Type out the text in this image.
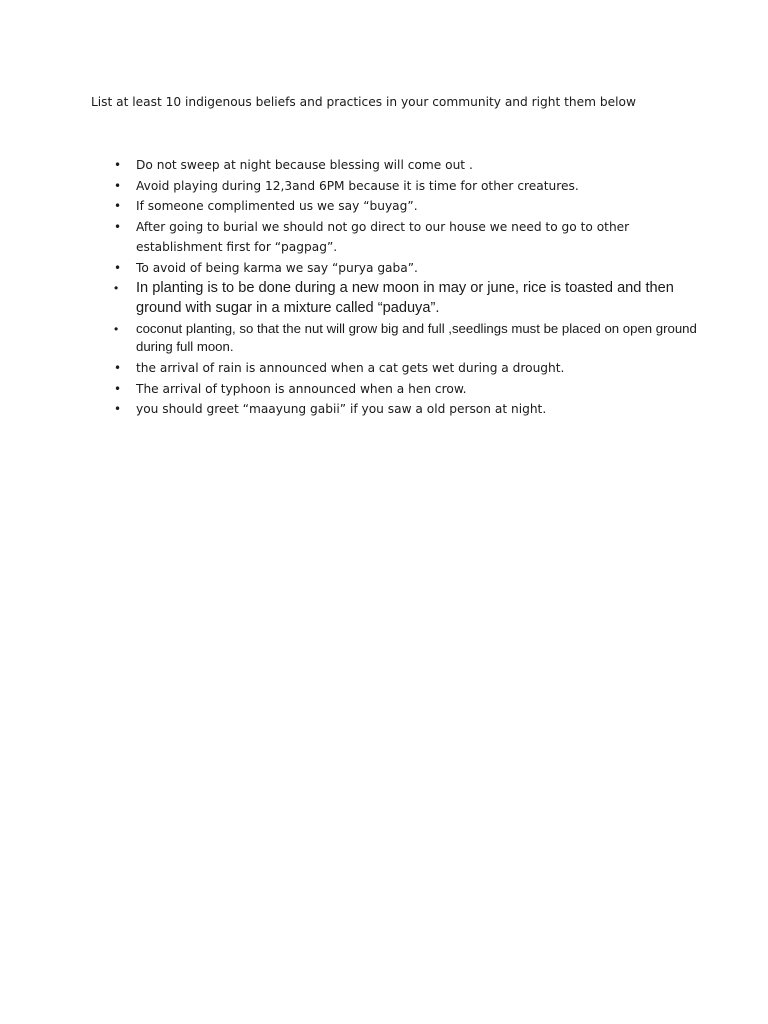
List at least 10 indigenous beliefs and practices in your community and right them below

• Do not sweep at night because blessing will come out .
• Avoid playing during 12,3and 6PM because it is time for other creatures.
• If someone complimented us we say “buyag”.
• After going to burial we should not go direct to our house we need to go to other establishment first for “pagpag”.
• To avoid of being karma we say “purya gaba”.
• In planting is to be done during a new moon in may or june, rice is toasted and then ground with sugar in a mixture called “paduya”.
• coconut planting, so that the nut will grow big and full ,seedlings must be placed on open ground during full moon.
• the arrival of rain is announced when a cat gets wet during a drought.
• The arrival of typhoon is announced when a hen crow.
• you should greet “maayung gabii” if you saw a old person at night.
